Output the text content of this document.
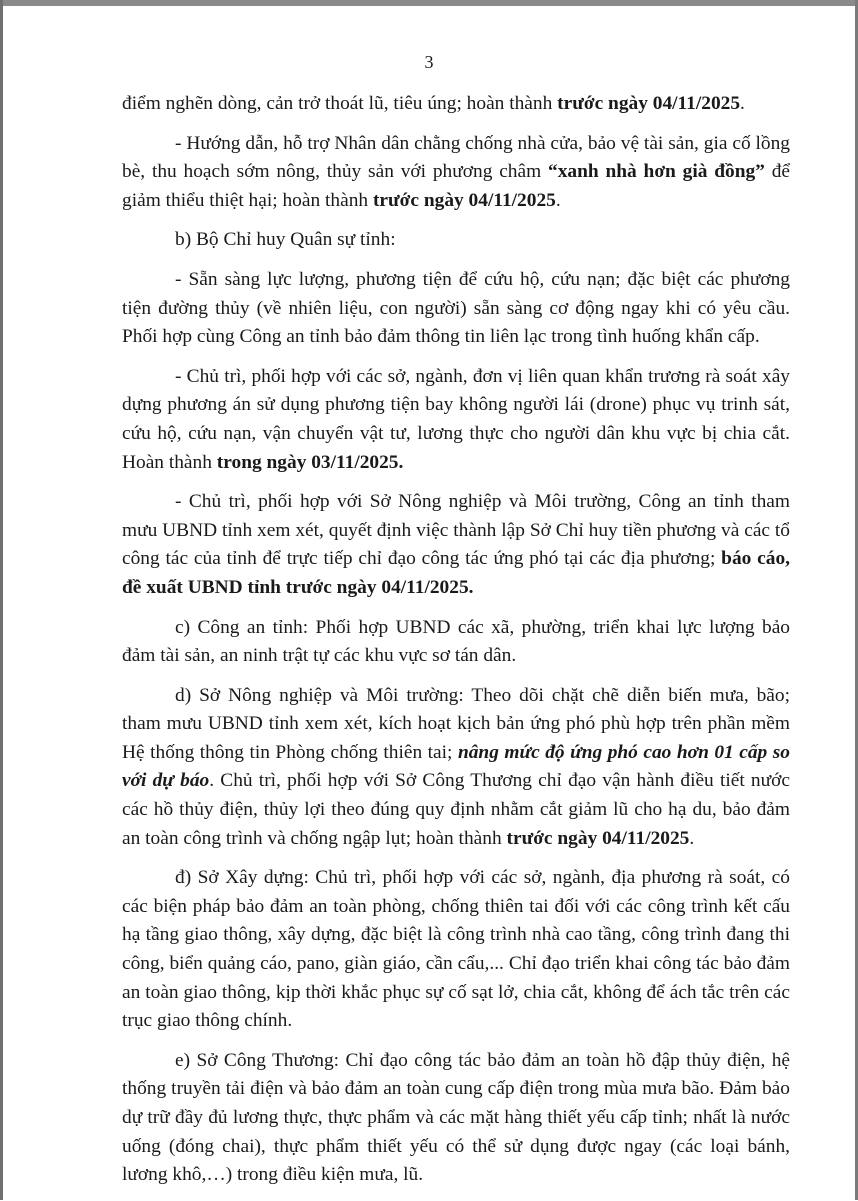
3

điểm nghẽn dòng, cản trở thoát lũ, tiêu úng; hoàn thành trước ngày 04/11/2025.

- Hướng dẫn, hỗ trợ Nhân dân chằng chống nhà cửa, bảo vệ tài sản, gia cố lồng bè, thu hoạch sớm nông, thủy sản với phương châm “xanh nhà hơn già đồng” để giảm thiểu thiệt hại; hoàn thành trước ngày 04/11/2025.

b) Bộ Chỉ huy Quân sự tỉnh:

- Sẵn sàng lực lượng, phương tiện để cứu hộ, cứu nạn; đặc biệt các phương tiện đường thủy (về nhiên liệu, con người) sẵn sàng cơ động ngay khi có yêu cầu. Phối hợp cùng Công an tỉnh bảo đảm thông tin liên lạc trong tình huống khẩn cấp.

- Chủ trì, phối hợp với các sở, ngành, đơn vị liên quan khẩn trương rà soát xây dựng phương án sử dụng phương tiện bay không người lái (drone) phục vụ trinh sát, cứu hộ, cứu nạn, vận chuyển vật tư, lương thực cho người dân khu vực bị chia cắt. Hoàn thành trong ngày 03/11/2025.

- Chủ trì, phối hợp với Sở Nông nghiệp và Môi trường, Công an tỉnh tham mưu UBND tỉnh xem xét, quyết định việc thành lập Sở Chỉ huy tiền phương và các tổ công tác của tỉnh để trực tiếp chỉ đạo công tác ứng phó tại các địa phương; báo cáo, đề xuất UBND tỉnh trước ngày 04/11/2025.

c) Công an tỉnh: Phối hợp UBND các xã, phường, triển khai lực lượng bảo đảm tài sản, an ninh trật tự các khu vực sơ tán dân.

d) Sở Nông nghiệp và Môi trường: Theo dõi chặt chẽ diễn biến mưa, bão; tham mưu UBND tỉnh xem xét, kích hoạt kịch bản ứng phó phù hợp trên phần mềm Hệ thống thông tin Phòng chống thiên tai; nâng mức độ ứng phó cao hơn 01 cấp so với dự báo. Chủ trì, phối hợp với Sở Công Thương chỉ đạo vận hành điều tiết nước các hồ thủy điện, thủy lợi theo đúng quy định nhằm cắt giảm lũ cho hạ du, bảo đảm an toàn công trình và chống ngập lụt; hoàn thành trước ngày 04/11/2025.

đ) Sở Xây dựng: Chủ trì, phối hợp với các sở, ngành, địa phương rà soát, có các biện pháp bảo đảm an toàn phòng, chống thiên tai đối với các công trình kết cấu hạ tầng giao thông, xây dựng, đặc biệt là công trình nhà cao tầng, công trình đang thi công, biển quảng cáo, pano, giàn giáo, cần cẩu,... Chỉ đạo triển khai công tác bảo đảm an toàn giao thông, kịp thời khắc phục sự cố sạt lở, chia cắt, không để ách tắc trên các trục giao thông chính.

e) Sở Công Thương: Chỉ đạo công tác bảo đảm an toàn hồ đập thủy điện, hệ thống truyền tải điện và bảo đảm an toàn cung cấp điện trong mùa mưa bão. Đảm bảo dự trữ đầy đủ lương thực, thực phẩm và các mặt hàng thiết yếu cấp tỉnh; nhất là nước uống (đóng chai), thực phẩm thiết yếu có thể sử dụng được ngay (các loại bánh, lương khô,…) trong điều kiện mưa, lũ.
